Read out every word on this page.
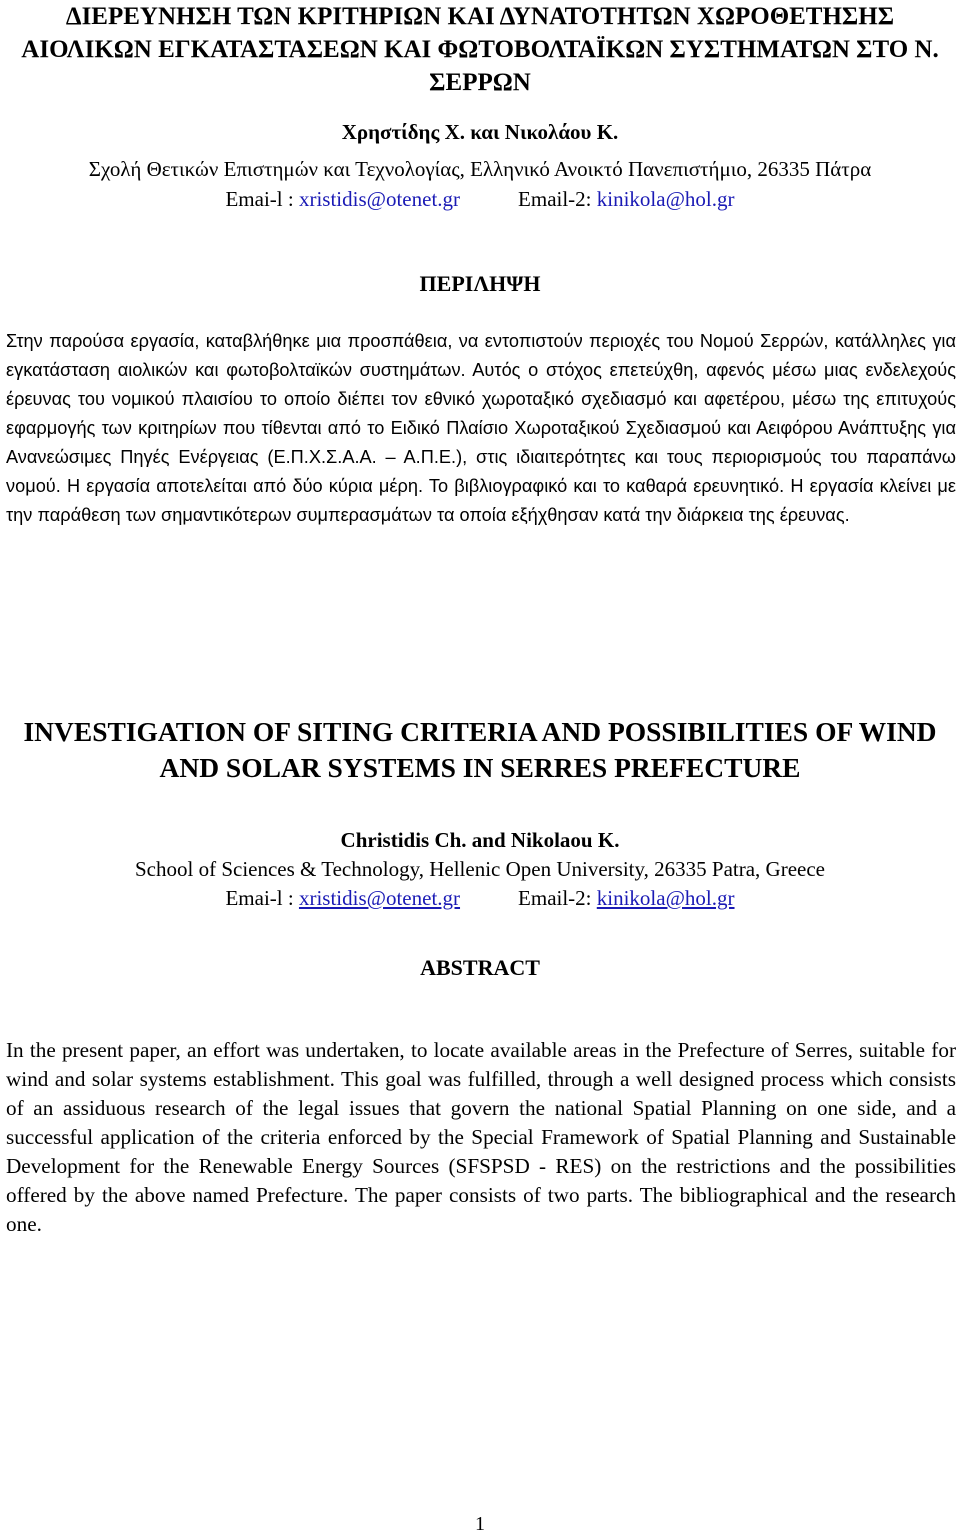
ΔΙΕΡΕΥΝΗΣΗ ΤΩΝ ΚΡΙΤΗΡΙΩΝ ΚΑΙ ΔΥΝΑΤΟΤΗΤΩΝ ΧΩΡΟΘΕΤΗΣΗΣ ΑΙΟΛΙΚΩΝ ΕΓΚΑΤΑΣΤΑΣΕΩΝ ΚΑΙ ΦΩΤΟΒΟΛΤΑΪΚΩΝ ΣΥΣΤΗΜΑΤΩΝ ΣΤΟ Ν. ΣΕΡΡΩΝ

Χρηστίδης Χ. και Νικολάου Κ.

Σχολή Θετικών Επιστημών και Τεχνολογίας, Ελληνικό Ανοικτό Πανεπιστήμιο, 26335 Πάτρα

Emai-l : xristidis@otenet.gr	Email-2: kinikola@hol.gr

ΠΕΡΙΛΗΨΗ

Στην παρούσα εργασία, καταβλήθηκε μια προσπάθεια, να εντοπιστούν περιοχές του Νομού Σερρών, κατάλληλες για εγκατάσταση αιολικών και φωτοβολταϊκών συστημάτων. Αυτός ο στόχος επετεύχθη, αφενός μέσω μιας ενδελεχούς έρευνας του νομικού πλαισίου το οποίο διέπει τον εθνικό χωροταξικό σχεδιασμό και αφετέρου, μέσω της επιτυχούς εφαρμογής των κριτηρίων που τίθενται από το Ειδικό Πλαίσιο Χωροταξικού Σχεδιασμού και Αειφόρου Ανάπτυξης για Ανανεώσιμες Πηγές Ενέργειας (Ε.Π.Χ.Σ.Α.Α. – Α.Π.Ε.), στις ιδιαιτερότητες και τους περιορισμούς του παραπάνω νομού. Η εργασία αποτελείται από δύο κύρια μέρη. Το βιβλιογραφικό και το καθαρά ερευνητικό. Η εργασία κλείνει με την παράθεση των σημαντικότερων συμπερασμάτων τα οποία εξήχθησαν κατά την διάρκεια της έρευνας.

INVESTIGATION OF SITING CRITERIA AND POSSIBILITIES OF WIND AND SOLAR SYSTEMS IN SERRES PREFECTURE

Christidis Ch. and Nikolaou K.

School of Sciences & Technology, Hellenic Open University, 26335 Patra, Greece

Emai-l : xristidis@otenet.gr	Email-2: kinikola@hol.gr

ABSTRACT

In the present paper, an effort was undertaken, to locate available areas in the Prefecture of Serres, suitable for wind and solar systems establishment. This goal was fulfilled, through a well designed process which consists of an assiduous research of the legal issues that govern the national Spatial Planning on one side, and a successful application of the criteria enforced by the Special Framework of Spatial Planning and Sustainable Development for the Renewable Energy Sources (SFSPSD - RES) on the restrictions and the possibilities offered by the above named Prefecture. The paper consists of two parts. The bibliographical and the research one.

1
